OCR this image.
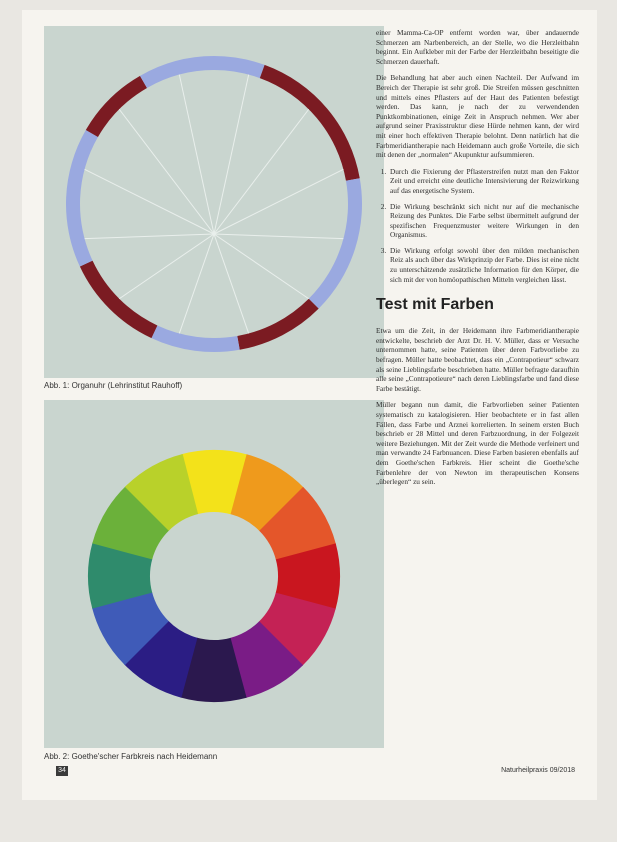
Abb. 1: Organuhr (Lehrinstitut Rauhoff)
Abb. 2: Goethe'scher Farbkreis nach Heidemann

einer Mamma-Ca-OP entfernt worden war, über andauernde Schmerzen am Narbenbereich, an der Stelle, wo die Herzleitbahn beginnt. Ein Aufkleber mit der Farbe der Herzleitbahn beseitigte die Schmerzen dauerhaft.

Die Behandlung hat aber auch einen Nachteil. Der Aufwand im Bereich der Therapie ist sehr groß. Die Streifen müssen geschnitten und mittels eines Pflasters auf der Haut des Patienten befestigt werden. Das kann, je nach der zu verwendenden Punktkombinationen, einige Zeit in Anspruch nehmen. Wer aber aufgrund seiner Praxisstruktur diese Hürde nehmen kann, der wird mit einer hoch effektiven Therapie belohnt. Denn natürlich hat die Farbmeridiantherapie nach Heidemann auch große Vorteile, die sich mit denen der „normalen“ Akupunktur aufsummieren.

1. Durch die Fixierung der Pflasterstreifen nutzt man den Faktor Zeit und erreicht eine deutliche Intensivierung der Reizwirkung auf das energetische System.
2. Die Wirkung beschränkt sich nicht nur auf die mechanische Reizung des Punktes. Die Farbe selbst übermittelt aufgrund der spezifischen Frequenzmuster weitere Wirkungen in den Organismus.
3. Die Wirkung erfolgt sowohl über den milden mechanischen Reiz als auch über das Wirkprinzip der Farbe. Dies ist eine nicht zu unterschätzende zusätzliche Information für den Körper, die sich mit der von homöopathischen Mitteln vergleichen lässt.
Test mit Farben

Etwa um die Zeit, in der Heidemann ihre Farbmeridiantherapie entwickelte, beschrieb der Arzt Dr. H. V. Müller, dass er Versuche unternommen hatte, seine Patienten über deren Farbvorliebe zu befragen. Müller hatte beobachtet, dass ein „Contrapotieur“ schwarz als seine Lieblingsfarbe beschrieben hatte. Müller befragte daraufhin alle seine „Contrapotieure“ nach deren Lieblingsfarbe und fand diese Farbe bestätigt.

Müller begann nun damit, die Farbvorlieben seiner Patienten systematisch zu katalogisieren. Hier beobachtete er in fast allen Fällen, dass Farbe und Arznei korrelierten. In seinem ersten Buch beschrieb er 28 Mittel und deren Farbzuordnung, in der Folgezeit weitere Beziehungen. Mit der Zeit wurde die Methode verfeinert und man verwandte 24 Farbnuancen. Diese Farben basieren ebenfalls auf dem Goethe'schen Farbkreis. Hier scheint die Goethe'sche Farbenlehre der von Newton im therapeutischen Konsens „überlegen“ zu sein.

34	Naturheilpraxis 09/2018
